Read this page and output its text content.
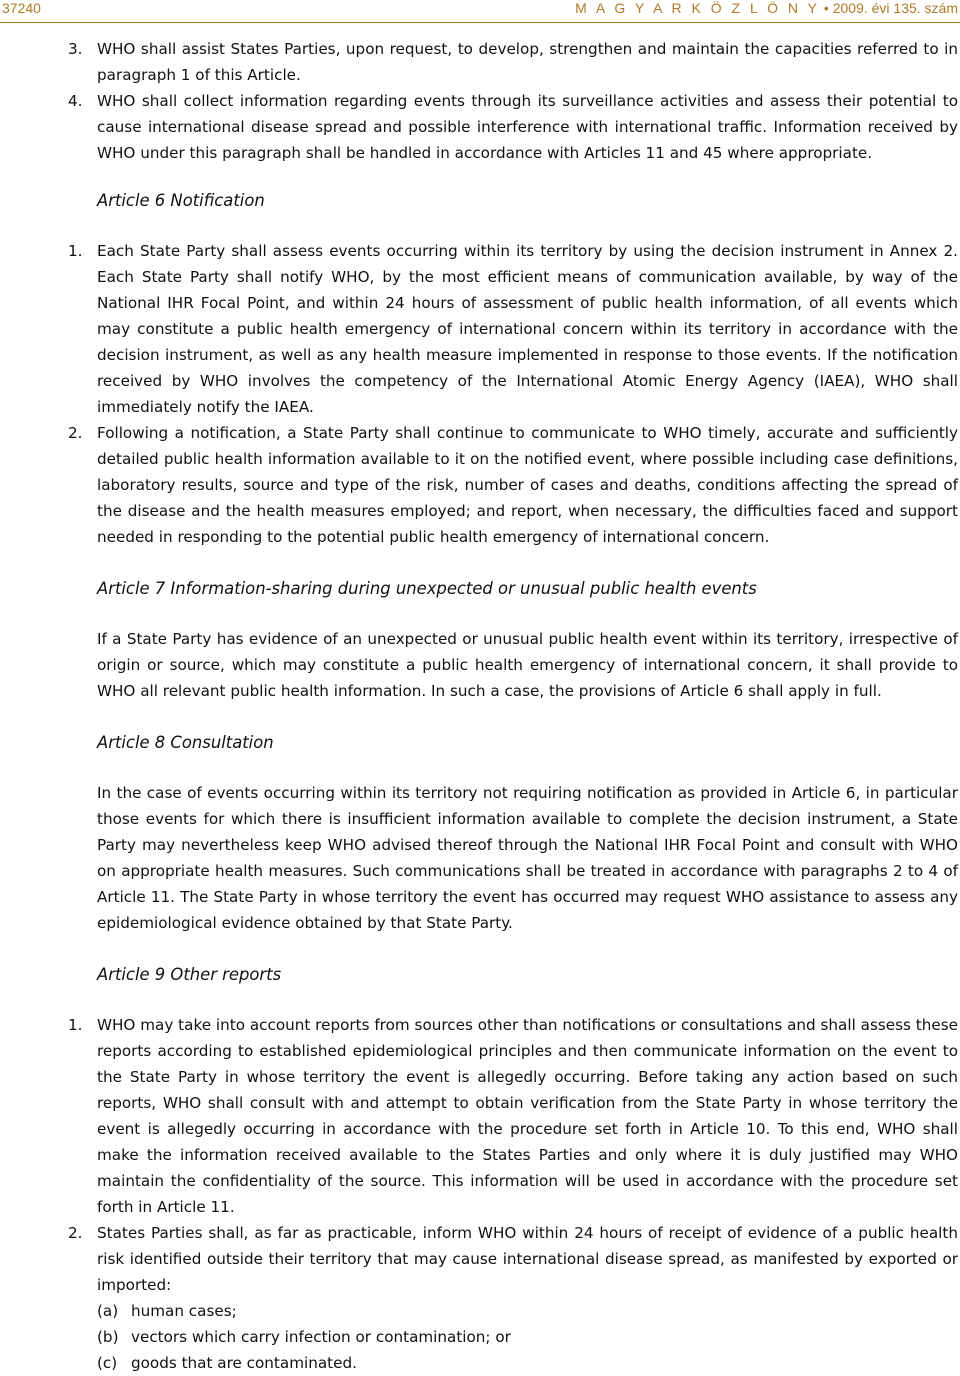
37240	M A G Y A R K Ö Z L Ö N Y • 2009. évi 135. szám
3. WHO shall assist States Parties, upon request, to develop, strengthen and maintain the capacities referred to in paragraph 1 of this Article.
4. WHO shall collect information regarding events through its surveillance activities and assess their potential to cause international disease spread and possible interference with international traffic. Information received by WHO under this paragraph shall be handled in accordance with Articles 11 and 45 where appropriate.
Article 6 Notification
1. Each State Party shall assess events occurring within its territory by using the decision instrument in Annex 2. Each State Party shall notify WHO, by the most efficient means of communication available, by way of the National IHR Focal Point, and within 24 hours of assessment of public health information, of all events which may constitute a public health emergency of international concern within its territory in accordance with the decision instrument, as well as any health measure implemented in response to those events. If the notification received by WHO involves the competency of the International Atomic Energy Agency (IAEA), WHO shall immediately notify the IAEA.
2. Following a notification, a State Party shall continue to communicate to WHO timely, accurate and sufficiently detailed public health information available to it on the notified event, where possible including case definitions, laboratory results, source and type of the risk, number of cases and deaths, conditions affecting the spread of the disease and the health measures employed; and report, when necessary, the difficulties faced and support needed in responding to the potential public health emergency of international concern.
Article 7 Information-sharing during unexpected or unusual public health events
If a State Party has evidence of an unexpected or unusual public health event within its territory, irrespective of origin or source, which may constitute a public health emergency of international concern, it shall provide to WHO all relevant public health information. In such a case, the provisions of Article 6 shall apply in full.
Article 8 Consultation
In the case of events occurring within its territory not requiring notification as provided in Article 6, in particular those events for which there is insufficient information available to complete the decision instrument, a State Party may nevertheless keep WHO advised thereof through the National IHR Focal Point and consult with WHO on appropriate health measures. Such communications shall be treated in accordance with paragraphs 2 to 4 of Article 11. The State Party in whose territory the event has occurred may request WHO assistance to assess any epidemiological evidence obtained by that State Party.
Article 9 Other reports
1. WHO may take into account reports from sources other than notifications or consultations and shall assess these reports according to established epidemiological principles and then communicate information on the event to the State Party in whose territory the event is allegedly occurring. Before taking any action based on such reports, WHO shall consult with and attempt to obtain verification from the State Party in whose territory the event is allegedly occurring in accordance with the procedure set forth in Article 10. To this end, WHO shall make the information received available to the States Parties and only where it is duly justified may WHO maintain the confidentiality of the source. This information will be used in accordance with the procedure set forth in Article 11.
2. States Parties shall, as far as practicable, inform WHO within 24 hours of receipt of evidence of a public health risk identified outside their territory that may cause international disease spread, as manifested by exported or imported:
(a) human cases;
(b) vectors which carry infection or contamination; or
(c) goods that are contaminated.
